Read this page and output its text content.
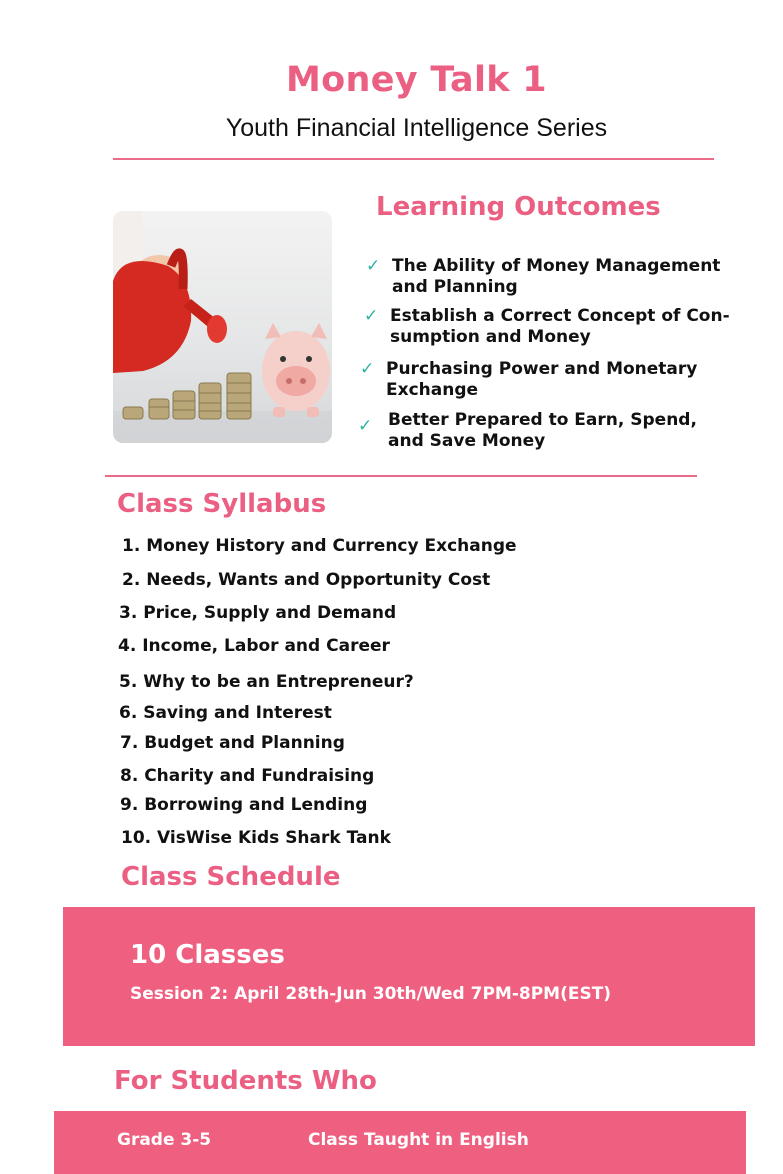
Money Talk 1
Youth Financial Intelligence Series
Learning Outcomes
✓ The Ability of Money Management
and Planning
✓ Establish a Correct Concept of Con-
sumption and Money
✓ Purchasing Power and Monetary
Exchange
✓ Better Prepared to Earn, Spend,
and Save Money
Class Syllabus
1. Money History and Currency Exchange
2. Needs, Wants and Opportunity Cost
3. Price, Supply and Demand
4. Income, Labor and Career
5. Why to be an Entrepreneur?
6. Saving and Interest
7. Budget and Planning
8. Charity and Fundraising
9. Borrowing and Lending
10. VisWise Kids Shark Tank
Class Schedule
10 Classes
Session 2: April 28th-Jun 30th/Wed 7PM-8PM(EST)
For Students Who
Grade 3-5	Class Taught in English
